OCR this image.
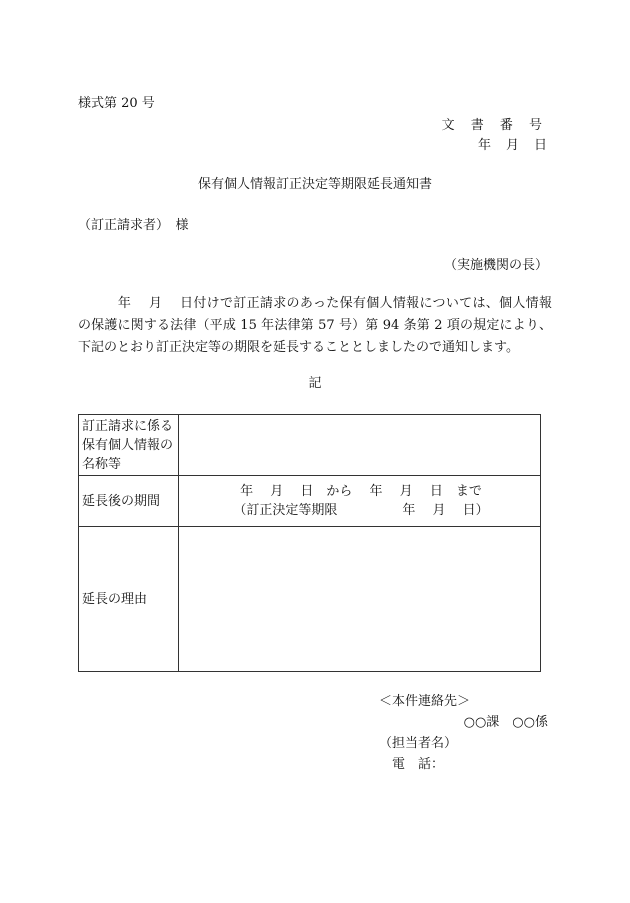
様式第 20 号
文 書 番 号
年　月　日
保有個人情報訂正決定等期限延長通知書
（訂正請求者）　様
（実施機関の長）
　　　年　 月　 日付けで訂正請求のあった保有個人情報については、個人情報の保護に関する法律（平成 15 年法律第 57 号）第 94 条第 2 項の規定により、下記のとおり訂正決定等の期限を延長することとしましたので通知します。
記
訂正請求に係る保有個人情報の名称等	
延長後の期間	年　 月　 日　から　 年　 月　 日　まで
（訂正決定等期限　　　　　年　 月　 日）

延長の理由	
＜本件連絡先＞
○○課　○○係
（担当者名）
電　話：
